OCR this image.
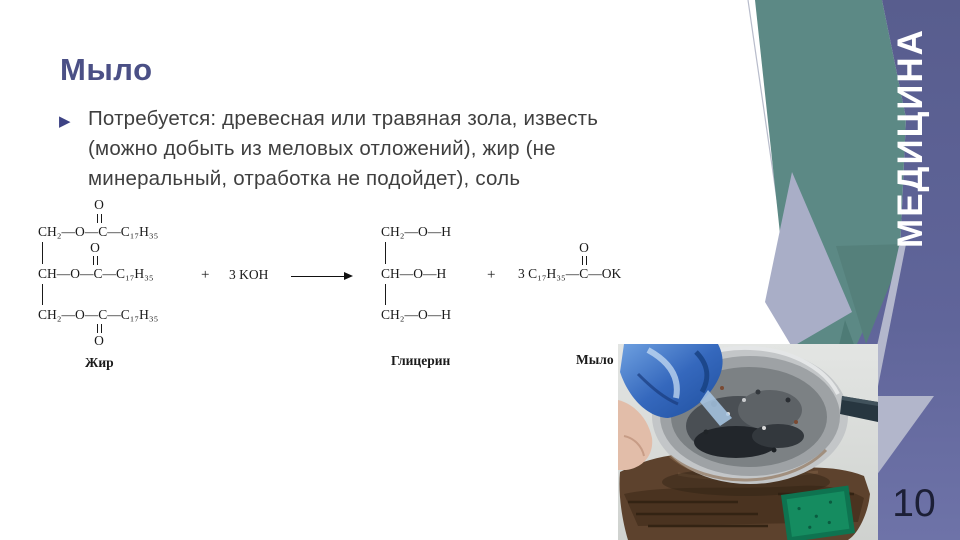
МЕДИЦИНА
Мыло
▶ Потребуется: древесная или травяная зола, известь
(можно добыть из меловых отложений), жир (не
минеральный, отработка не подойдет), соль
O
CH₂—O—C—C₁₇H₃₅
O
CH—O—C—C₁₇H₃₅
CH₂—O—C—C₁₇H₃₅
O
Жир
+ 3 KOH
CH₂—O—H
CH—O—H
CH₂—O—H
Глицерин
+
O
3 C₁₇H₃₅—C—OK
Мыло
10
